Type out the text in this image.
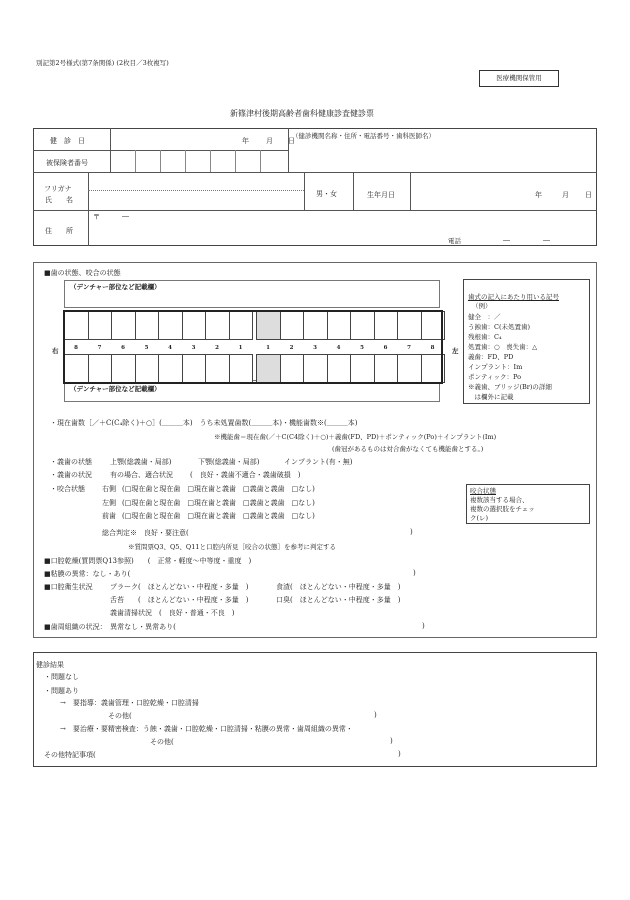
別記第2号様式(第7条関係) (2枚目／3枚複写)
医療機関保管用
新篠津村後期高齢者歯科健康診査健診票
健　診　日	年 月 日
（健診機関名称・住所・電話番号・歯科医師名）
被保険者番号
フリガナ
氏　　名
男・女	生年月日	年	月 日
住　　所
〒	―
電話	―	―
■歯の状態、咬合の状態
（デンチャー部位など記載欄）
（デンチャー部位など記載欄）
右	左
歯式の記入にあたり用いる記号
（例）
・現在歯数［／＋C(C₄除く)＋○］(＿＿＿本)　うち未処置歯数(＿＿＿本)・機能歯数※(＿＿＿本)
※機能歯＝現在歯(／＋C(C4除く)＋○)＋義歯(FD、PD)＋ポンティック(Po)＋インプラント(Im)
(歯冠があるものは対合歯がなくても機能歯とする。)
・義歯の状態	上顎(総義歯・局部)	下顎(総義歯・局部)	インプラント(有・無)
・義歯の状況	有の場合、適合状況 (　良好・義歯不適合・義歯破損　)
・咬合状態 右側 (□現在歯と現在歯　□現在歯と義歯　□義歯と義歯　□なし)
左側 (□現在歯と現在歯　□現在歯と義歯　□義歯と義歯　□なし)
前歯 (□現在歯と現在歯　□現在歯と義歯　□義歯と義歯　□なし)
咬合状態
複数該当する場合、
複数の選択肢をチェッ
ク(レ)
総合判定※　良好・要注意(	)
※質問票Q3、Q5、Q11と口腔内所見［咬合の状態］を参考に判定する
■口腔乾燥(質問票Q13参照)　　(　正常・軽度～中等度・重度　)
■粘膜の異常：なし・あり(	)
■口腔衛生状況 プラーク(　ほとんどない・中程度・多量　)	食渣(　ほとんどない・中程度・多量　)
舌苔　　(　ほとんどない・中程度・多量　)	口臭(　ほとんどない・中程度・多量　)
義歯清掃状況　(　良好・普通・不良　)
■歯周組織の状況：　異常なし・異常あり(	)
健診結果
・問題なし
・問題あり
→　要指導：義歯管理・口腔乾燥・口腔清掃
その他(	)
→　要治療・要精密検査：う蝕・義歯・口腔乾燥・口腔清掃・粘膜の異常・歯周組織の異常・
その他(	)
その他特記事項(	)
8	7	6	5	4	3	2	1	1	2	3	4	5	6	7	8
健全　：／
う蝕歯：C(未処置歯)
残根歯：C₄
処置歯：○　喪失歯：△
義歯：FD、PD
インプラント：Im
ポンティック：Po
※義歯、ブリッジ(Br)の詳細
　は欄外に記載
